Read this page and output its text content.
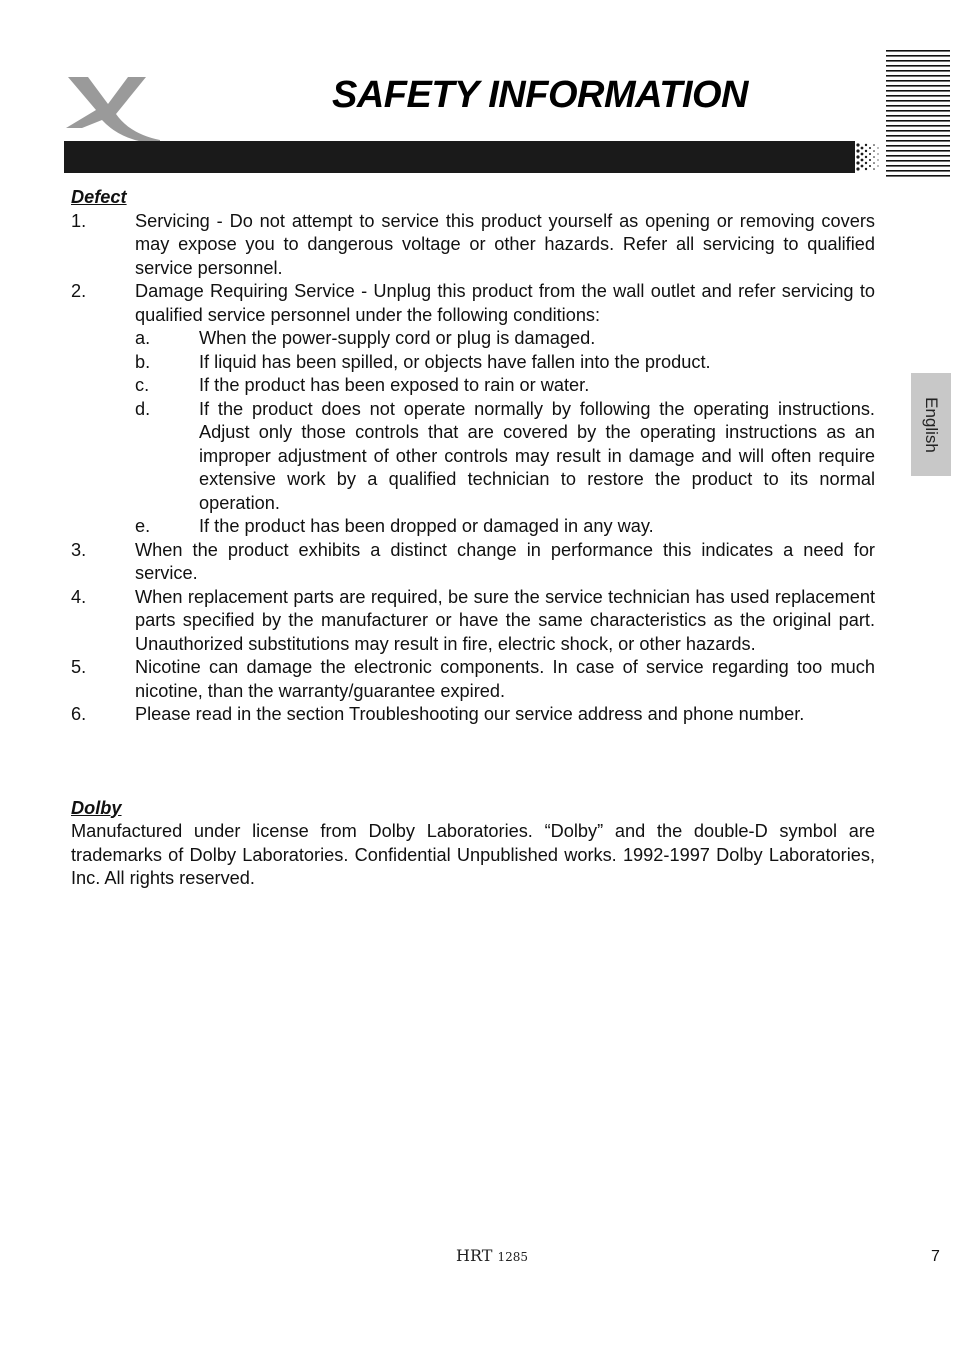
SAFETY INFORMATION
English
Defect
1.	Servicing - Do not attempt to service this product yourself as opening or removing covers may expose you to dangerous voltage or other hazards. Refer all servicing to qualified service personnel.
2.	Damage Requiring Service - Unplug this product from the wall outlet and refer servicing to qualified service personnel under the following conditions:
a.	When the power-supply cord or plug is damaged.
b.	If liquid has been spilled, or objects have fallen into the product.
c.	If the product has been exposed to rain or water.
d.	If the product does not operate normally by following the operating instructions. Adjust only those controls that are covered by the operating instructions as an improper adjustment of other controls may result in damage and will often require extensive work by a qualified technician to restore the product to its normal operation.
e.	If the product has been dropped or damaged in any way.
3.	When the product exhibits a distinct change in performance this indicates a need for service.
4.	When replacement parts are required, be sure the service technician has used replacement parts specified by the manufacturer or have the same characteristics as the original part. Unauthorized substitutions may result in fire, electric shock, or other hazards.
5.	Nicotine can damage the electronic components. In case of service regarding too much nicotine, than the warranty/guarantee expired.
6.	Please read in the section Troubleshooting our service address and phone number.
Dolby
Manufactured under license from Dolby Laboratories. “Dolby” and the double-D symbol are trademarks of Dolby Laboratories. Confidential Unpublished works. 1992-1997 Dolby Laboratories, Inc. All rights reserved.
HRT 1285	7
